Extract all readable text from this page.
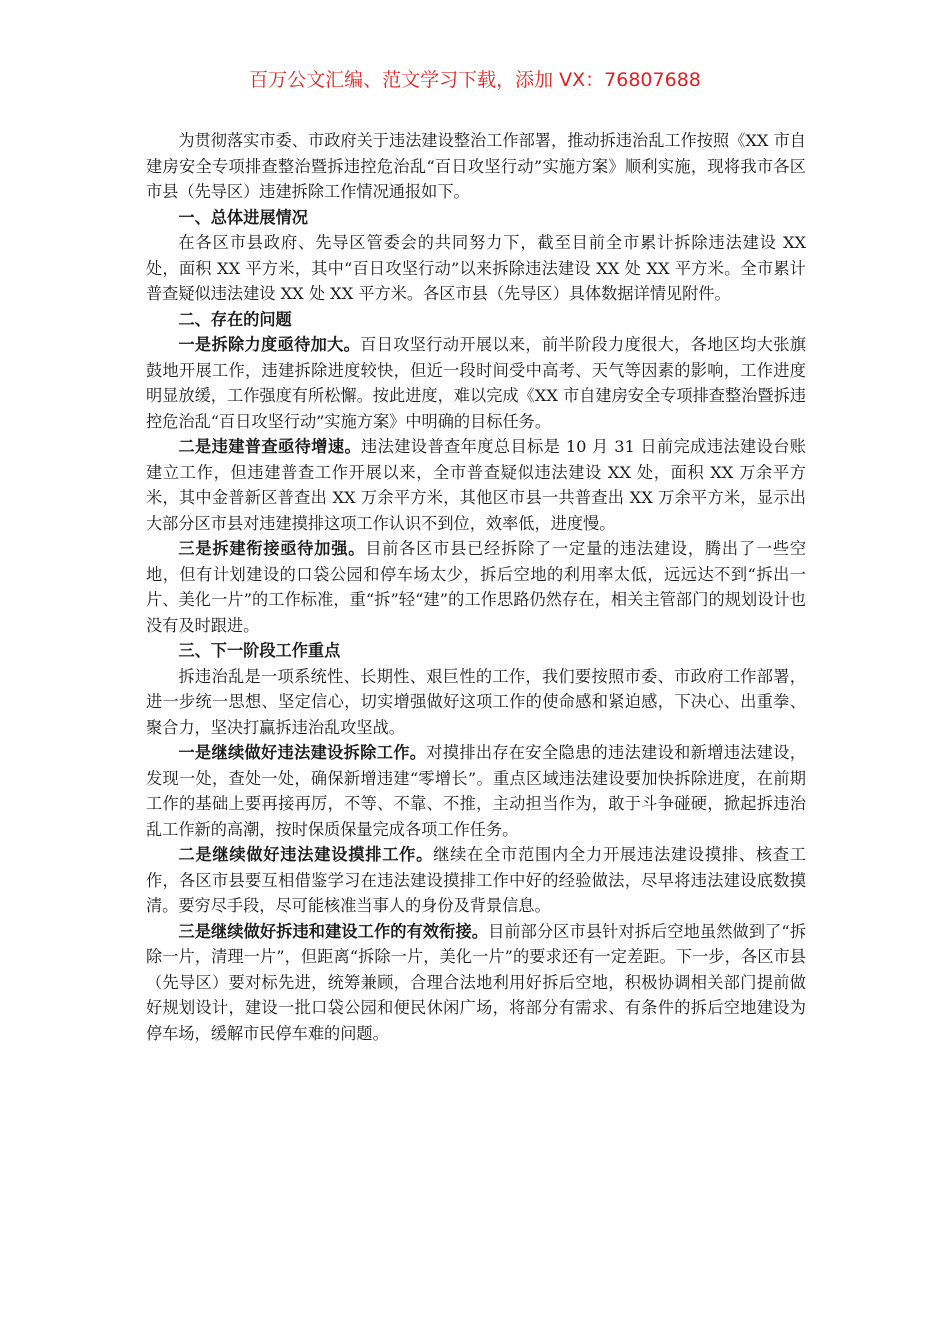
百万公文汇编、范文学习下载，添加 VX：76807688

为贯彻落实市委、市政府关于违法建设整治工作部署，推动拆违治乱工作按照《XX 市自建房安全专项排查整治暨拆违控危治乱“百日攻坚行动”实施方案》顺利实施，现将我市各区市县（先导区）违建拆除工作情况通报如下。

一、总体进展情况

在各区市县政府、先导区管委会的共同努力下，截至目前全市累计拆除违法建设 XX 处，面积 XX 平方米，其中“百日攻坚行动”以来拆除违法建设 XX 处 XX 平方米。全市累计普查疑似违法建设 XX 处 XX 平方米。各区市县（先导区）具体数据详情见附件。

二、存在的问题

一是拆除力度亟待加大。百日攻坚行动开展以来，前半阶段力度很大，各地区均大张旗鼓地开展工作，违建拆除进度较快，但近一段时间受中高考、天气等因素的影响，工作进度明显放缓，工作强度有所松懈。按此进度，难以完成《XX 市自建房安全专项排查整治暨拆违控危治乱“百日攻坚行动”实施方案》中明确的目标任务。

二是违建普查亟待增速。违法建设普查年度总目标是 10 月 31 日前完成违法建设台账建立工作，但违建普查工作开展以来，全市普查疑似违法建设 XX 处，面积 XX 万余平方米，其中金普新区普查出 XX 万余平方米，其他区市县一共普查出 XX 万余平方米，显示出大部分区市县对违建摸排这项工作认识不到位，效率低，进度慢。

三是拆建衔接亟待加强。目前各区市县已经拆除了一定量的违法建设，腾出了一些空地，但有计划建设的口袋公园和停车场太少，拆后空地的利用率太低，远远达不到“拆出一片、美化一片”的工作标准，重“拆”轻“建”的工作思路仍然存在，相关主管部门的规划设计也没有及时跟进。

三、下一阶段工作重点

拆违治乱是一项系统性、长期性、艰巨性的工作，我们要按照市委、市政府工作部署，进一步统一思想、坚定信心，切实增强做好这项工作的使命感和紧迫感，下决心、出重拳、聚合力，坚决打赢拆违治乱攻坚战。

一是继续做好违法建设拆除工作。对摸排出存在安全隐患的违法建设和新增违法建设，发现一处，查处一处，确保新增违建“零增长”。重点区域违法建设要加快拆除进度，在前期工作的基础上要再接再厉，不等、不靠、不推，主动担当作为，敢于斗争碰硬，掀起拆违治乱工作新的高潮，按时保质保量完成各项工作任务。

二是继续做好违法建设摸排工作。继续在全市范围内全力开展违法建设摸排、核查工作，各区市县要互相借鉴学习在违法建设摸排工作中好的经验做法，尽早将违法建设底数摸清。要穷尽手段，尽可能核准当事人的身份及背景信息。

三是继续做好拆违和建设工作的有效衔接。目前部分区市县针对拆后空地虽然做到了“拆除一片，清理一片”，但距离“拆除一片，美化一片”的要求还有一定差距。下一步，各区市县（先导区）要对标先进，统筹兼顾，合理合法地利用好拆后空地，积极协调相关部门提前做好规划设计，建设一批口袋公园和便民休闲广场，将部分有需求、有条件的拆后空地建设为停车场，缓解市民停车难的问题。
